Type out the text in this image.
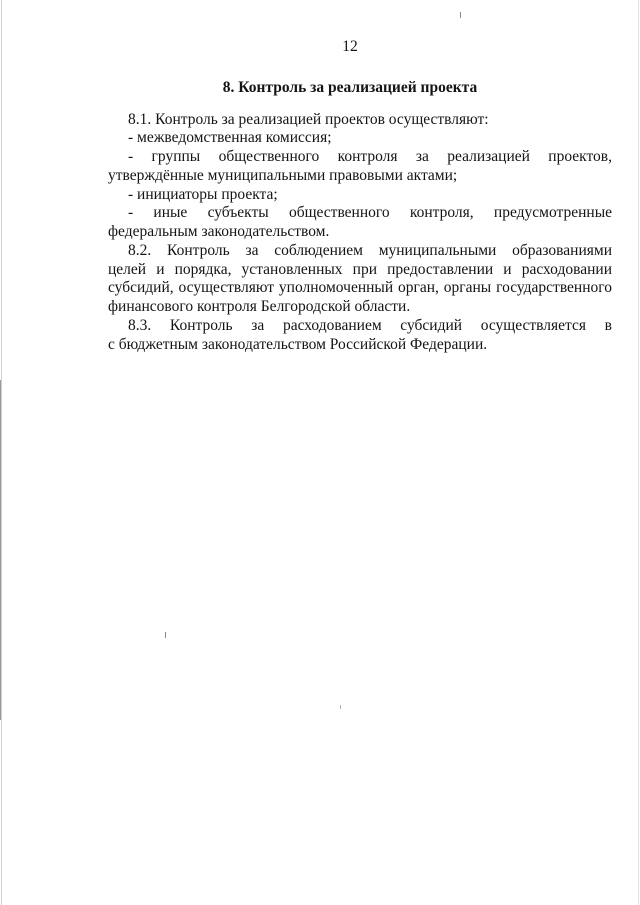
12
8. Контроль за реализацией проекта
8.1. Контроль за реализацией проектов осуществляют:
- межведомственная комиссия;
- группы общественного контроля за реализацией проектов,
утверждённые муниципальными правовыми актами;
- инициаторы проекта;
- иные субъекты общественного контроля, предусмотренные
федеральным законодательством.
8.2. Контроль за соблюдением муниципальными образованиями
целей и порядка, установленных при предоставлении и расходовании
субсидий, осуществляют уполномоченный орган, органы государственного
финансового контроля Белгородской области.
8.3. Контроль за расходованием субсидий осуществляется в
с бюджетным законодательством Российской Федерации.
